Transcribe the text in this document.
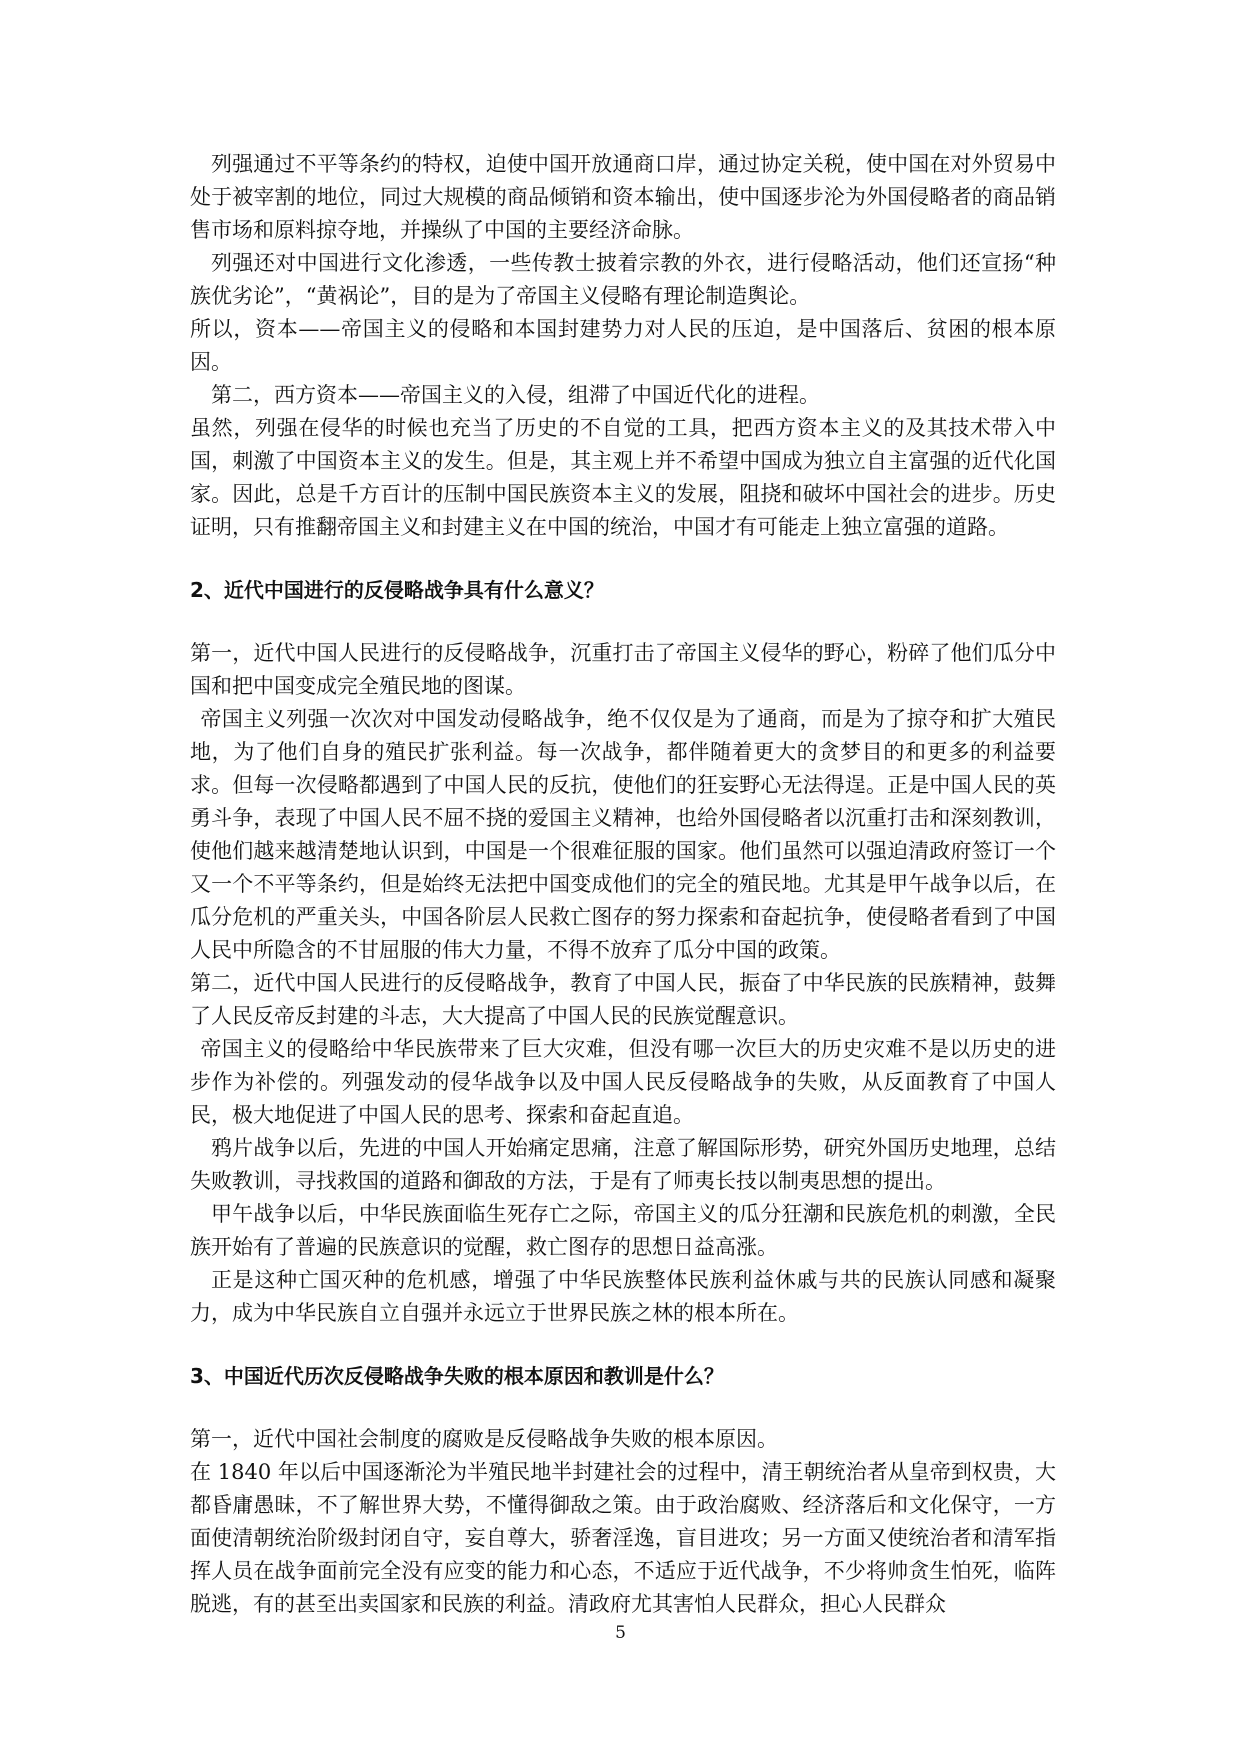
列强通过不平等条约的特权，迫使中国开放通商口岸，通过协定关税，使中国在对外贸易中处于被宰割的地位，同过大规模的商品倾销和资本输出，使中国逐步沦为外国侵略者的商品销售市场和原料掠夺地，并操纵了中国的主要经济命脉。

列强还对中国进行文化渗透，一些传教士披着宗教的外衣，进行侵略活动，他们还宣扬“种族优劣论”，“黄祸论”，目的是为了帝国主义侵略有理论制造舆论。

所以，资本——帝国主义的侵略和本国封建势力对人民的压迫，是中国落后、贫困的根本原因。

第二，西方资本——帝国主义的入侵，组滞了中国近代化的进程。

虽然，列强在侵华的时候也充当了历史的不自觉的工具，把西方资本主义的及其技术带入中国，刺激了中国资本主义的发生。但是，其主观上并不希望中国成为独立自主富强的近代化国家。因此，总是千方百计的压制中国民族资本主义的发展，阻挠和破坏中国社会的进步。历史证明，只有推翻帝国主义和封建主义在中国的统治，中国才有可能走上独立富强的道路。

2、近代中国进行的反侵略战争具有什么意义？

第一，近代中国人民进行的反侵略战争，沉重打击了帝国主义侵华的野心，粉碎了他们瓜分中国和把中国变成完全殖民地的图谋。

帝国主义列强一次次对中国发动侵略战争，绝不仅仅是为了通商，而是为了掠夺和扩大殖民地，为了他们自身的殖民扩张利益。每一次战争，都伴随着更大的贪梦目的和更多的利益要求。但每一次侵略都遇到了中国人民的反抗，使他们的狂妄野心无法得逞。正是中国人民的英勇斗争，表现了中国人民不屈不挠的爱国主义精神，也给外国侵略者以沉重打击和深刻教训，使他们越来越清楚地认识到，中国是一个很难征服的国家。他们虽然可以强迫清政府签订一个又一个不平等条约，但是始终无法把中国变成他们的完全的殖民地。尤其是甲午战争以后，在瓜分危机的严重关头，中国各阶层人民救亡图存的努力探索和奋起抗争，使侵略者看到了中国人民中所隐含的不甘屈服的伟大力量，不得不放弃了瓜分中国的政策。

第二，近代中国人民进行的反侵略战争，教育了中国人民，振奋了中华民族的民族精神，鼓舞了人民反帝反封建的斗志，大大提高了中国人民的民族觉醒意识。

帝国主义的侵略给中华民族带来了巨大灾难，但没有哪一次巨大的历史灾难不是以历史的进步作为补偿的。列强发动的侵华战争以及中国人民反侵略战争的失败，从反面教育了中国人民，极大地促进了中国人民的思考、探索和奋起直追。

鸦片战争以后，先进的中国人开始痛定思痛，注意了解国际形势，研究外国历史地理，总结失败教训，寻找救国的道路和御敌的方法，于是有了师夷长技以制夷思想的提出。

甲午战争以后，中华民族面临生死存亡之际，帝国主义的瓜分狂潮和民族危机的刺激，全民族开始有了普遍的民族意识的觉醒，救亡图存的思想日益高涨。

正是这种亡国灭种的危机感，增强了中华民族整体民族利益休戚与共的民族认同感和凝聚力，成为中华民族自立自强并永远立于世界民族之林的根本所在。

3、中国近代历次反侵略战争失败的根本原因和教训是什么？

第一，近代中国社会制度的腐败是反侵略战争失败的根本原因。

在 1840 年以后中国逐渐沦为半殖民地半封建社会的过程中，清王朝统治者从皇帝到权贵，大都昏庸愚昧，不了解世界大势，不懂得御敌之策。由于政治腐败、经济落后和文化保守，一方面使清朝统治阶级封闭自守，妄自尊大，骄奢淫逸，盲目进攻；另一方面又使统治者和清军指挥人员在战争面前完全没有应变的能力和心态，不适应于近代战争，不少将帅贪生怕死，临阵脱逃，有的甚至出卖国家和民族的利益。清政府尤其害怕人民群众，担心人民群众

5
